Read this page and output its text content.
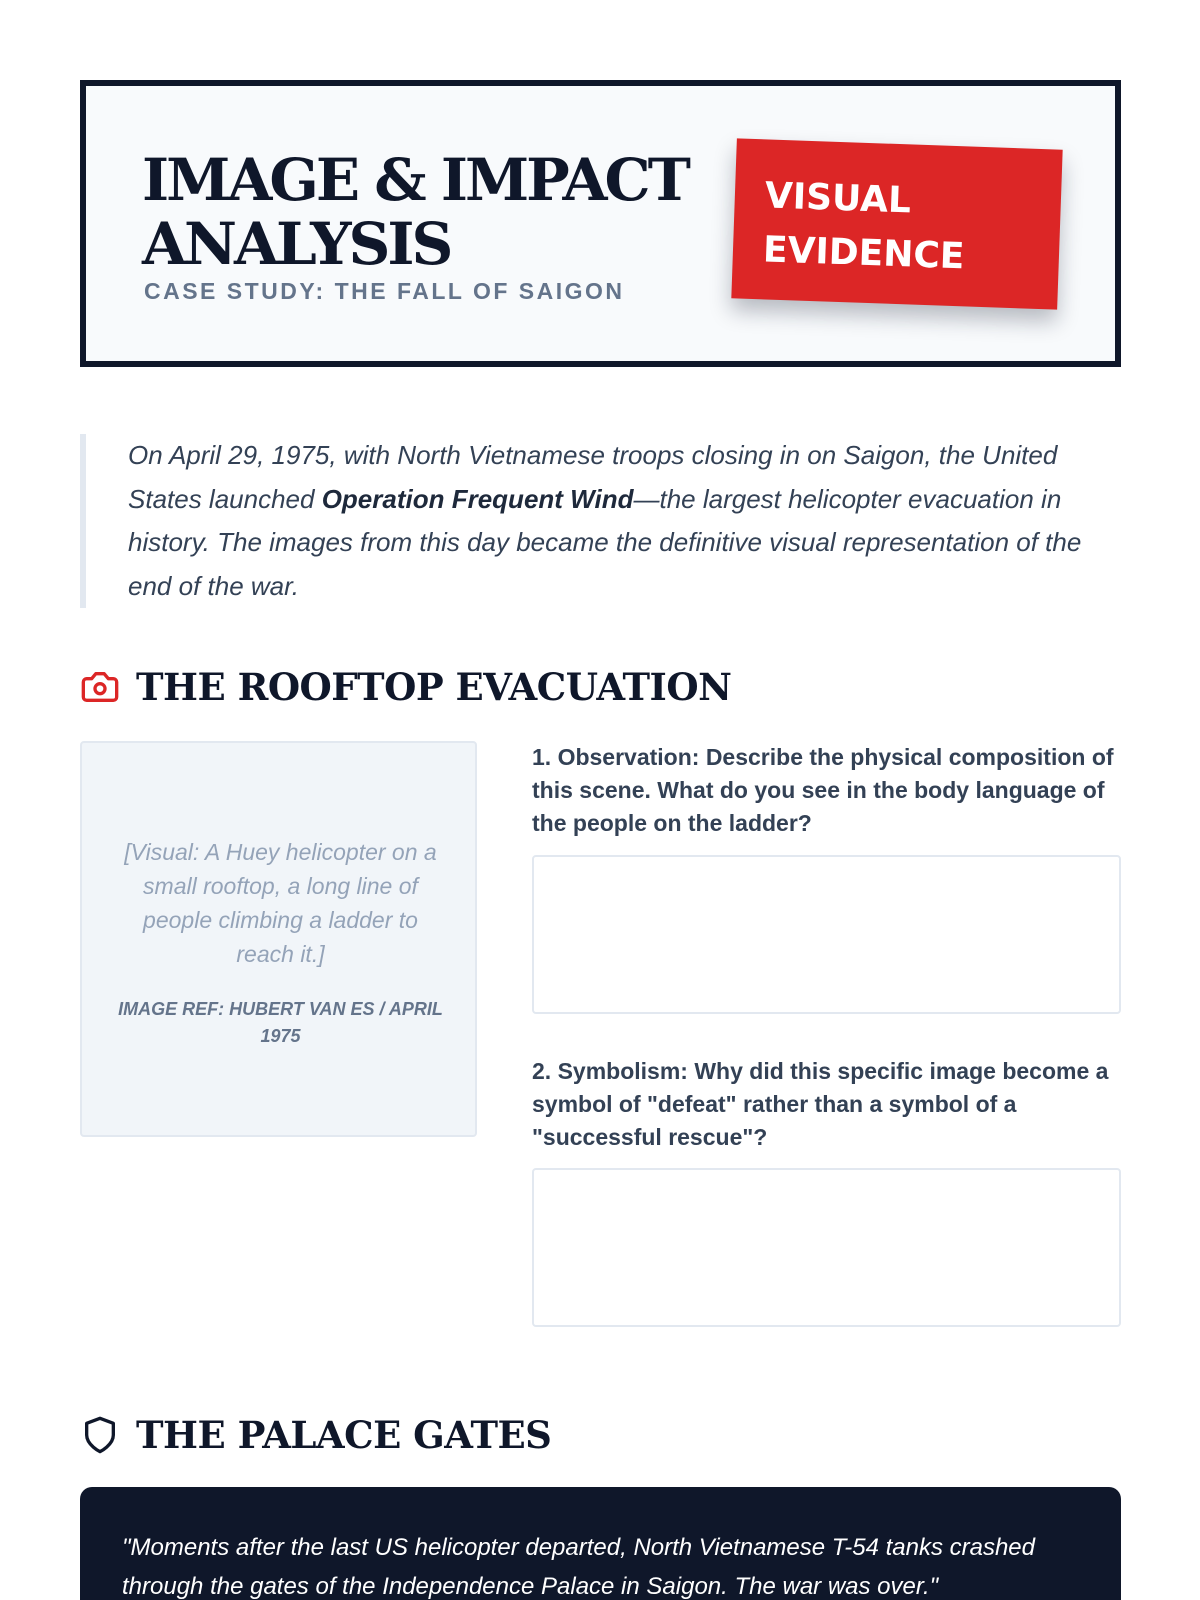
IMAGE & IMPACT
ANALYSIS
CASE STUDY: THE FALL OF SAIGON
VISUAL
EVIDENCE
On April 29, 1975, with North Vietnamese troops closing in on Saigon, the United States launched Operation Frequent Wind—the largest helicopter evacuation in history. The images from this day became the definitive visual representation of the end of the war.
THE ROOFTOP EVACUATION
[Visual: A Huey helicopter on a small rooftop, a long line of people climbing a ladder to reach it.]
IMAGE REF: HUBERT VAN ES / APRIL 1975
1. Observation: Describe the physical composition of this scene. What do you see in the body language of the people on the ladder?
2. Symbolism: Why did this specific image become a symbol of "defeat" rather than a symbol of a "successful rescue"?
THE PALACE GATES

"Moments after the last US helicopter departed, North Vietnamese T-54 tanks crashed through the gates of the Independence Palace in Saigon. The war was over."
